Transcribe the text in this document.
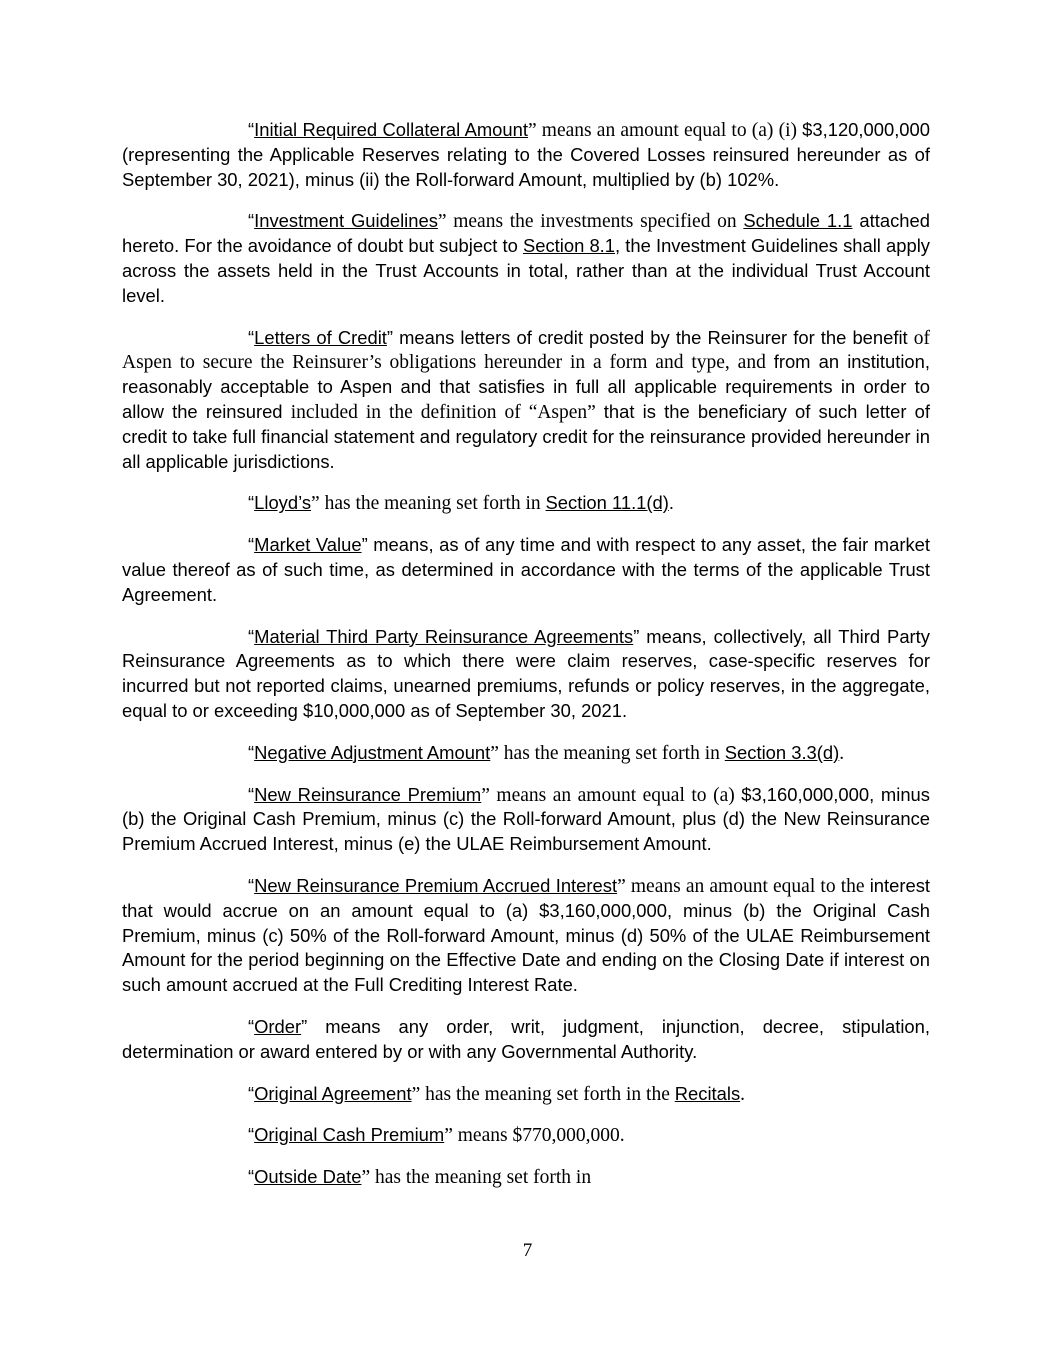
“Initial Required Collateral Amount” means an amount equal to (a) (i) $3,120,000,000 (representing the Applicable Reserves relating to the Covered Losses reinsured hereunder as of September 30, 2021), minus (ii) the Roll-forward Amount, multiplied by (b) 102%.

“Investment Guidelines” means the investments specified on Schedule 1.1 attached hereto. For the avoidance of doubt but subject to Section 8.1, the Investment Guidelines shall apply across the assets held in the Trust Accounts in total, rather than at the individual Trust Account level.

“Letters of Credit” means letters of credit posted by the Reinsurer for the benefit of Aspen to secure the Reinsurer’s obligations hereunder in a form and type, and from an institution, reasonably acceptable to Aspen and that satisfies in full all applicable requirements in order to allow the reinsured included in the definition of “Aspen” that is the beneficiary of such letter of credit to take full financial statement and regulatory credit for the reinsurance provided hereunder in all applicable jurisdictions.

“Lloyd’s” has the meaning set forth in Section 11.1(d).

“Market Value” means, as of any time and with respect to any asset, the fair market value thereof as of such time, as determined in accordance with the terms of the applicable Trust Agreement.

“Material Third Party Reinsurance Agreements” means, collectively, all Third Party Reinsurance Agreements as to which there were claim reserves, case-specific reserves for incurred but not reported claims, unearned premiums, refunds or policy reserves, in the aggregate, equal to or exceeding $10,000,000 as of September 30, 2021.

“Negative Adjustment Amount” has the meaning set forth in Section 3.3(d).

“New Reinsurance Premium” means an amount equal to (a) $3,160,000,000, minus (b) the Original Cash Premium, minus (c) the Roll-forward Amount, plus (d) the New Reinsurance Premium Accrued Interest, minus (e) the ULAE Reimbursement Amount.

“New Reinsurance Premium Accrued Interest” means an amount equal to the interest that would accrue on an amount equal to (a) $3,160,000,000, minus (b) the Original Cash Premium, minus (c) 50% of the Roll-forward Amount, minus (d) 50% of the ULAE Reimbursement Amount for the period beginning on the Effective Date and ending on the Closing Date if interest on such amount accrued at the Full Crediting Interest Rate.

“Order” means any order, writ, judgment, injunction, decree, stipulation, determination or award entered by or with any Governmental Authority.

“Original Agreement” has the meaning set forth in the Recitals.

“Original Cash Premium” means $770,000,000.

“Outside Date” has the meaning set forth in

7
